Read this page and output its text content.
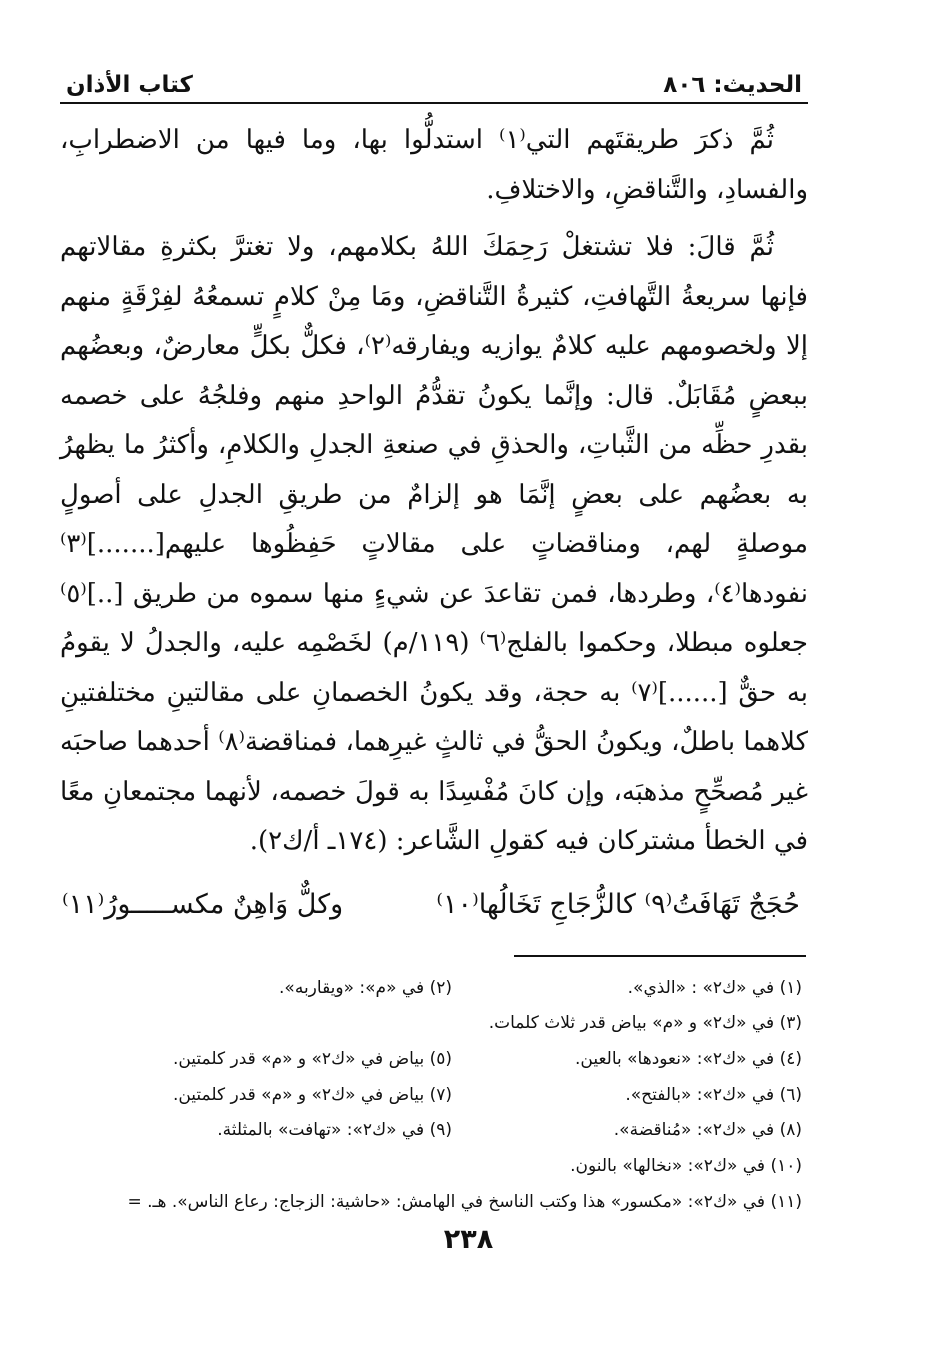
الحديث: ٨٠٦
كتاب الأذان

ثُمَّ ذكرَ طريقتَهم التي⁽١⁾ استدلُّوا بها، وما فيها من الاضطرابِ، والفسادِ، والتَّناقضِ، والاختلافِ.

ثُمَّ قالَ: فلا تشتغلْ رَحِمَكَ اللهُ بكلامهم، ولا تغترَّ بكثرةِ مقالاتهم فإنها سريعةُ التَّهافتِ، كثيرةُ التَّناقضِ، ومَا مِنْ كلامٍ تسمعُهُ لفِرْقَةٍ منهم إلا ولخصومهم عليه كلامٌ يوازيه ويفارقه⁽٢⁾، فكلٌّ بكلٍّ معارضٌ، وبعضُهم ببعضٍ مُقَابَلٌ. قال: وإنَّما يكونُ تقدُّمُ الواحدِ منهم وفلجُهُ على خصمه بقدرِ حظِّه من الثَّباتِ، والحذقِ في صنعةِ الجدلِ والكلامِ، وأكثرُ ما يظهرُ به بعضُهم على بعضٍ إنَّمَا هو إلزامٌ من طريقِ الجدلِ على أصولٍ موصلةٍ لهم، ومناقضاتٍ على مقالاتٍ حَفِظُوها عليهم[.......]⁽٣⁾ نفودها⁽٤⁾، وطردها، فمن تقاعدَ عن شيءٍ منها سموه من طريق [..]⁽٥⁾ جعلوه مبطلا، وحكموا بالفلج⁽٦⁾ (١١٩/م) لخَصْمِه عليه، والجدلُ لا يقومُ به حقٌّ [......]⁽٧⁾ به حجة، وقد يكونُ الخصمانِ على مقالتينِ مختلفتينِ كلاهما باطلٌ، ويكونُ الحقُّ في ثالثٍ غيرِهما، فمناقضة⁽٨⁾ أحدهما صاحبَه غير مُصحِّحٍ مذهبَه، وإن كانَ مُفْسِدًا به قولَ خصمه، لأنهما مجتمعانِ معًا في الخطأ مشتركان فيه كقولِ الشَّاعر: (١٧٤ـ أ/ك٢).

حُجَجٌ تَهَافَتُ⁽٩⁾ كالزُّجَاجِ تَخَالُها⁽١٠⁾
وكلٌّ وَاهِنٌ مكســـــورُ⁽١١⁾
(١) في «ك٢» : «الذي».
(٢) في «م»: «ويقاربه».
(٣) في «ك٢» و «م» بياض قدر ثلاث كلمات.
(٤) في «ك٢»: «نعودها» بالعين.
(٥) بياض في «ك٢» و «م» قدر كلمتين.
(٦) في «ك٢»: «بالفتح».
(٧) بياض في «ك٢» و «م» قدر كلمتين.
(٨) في «ك٢»: «مُناقضة».
(٩) في «ك٢»: «تهافت» بالمثلثة.
(١٠) في «ك٢»: «نخالها» بالنون.
(١١) في «ك٢»: «مكسور» هذا وكتب الناسخ في الهامش: «حاشية: الزجاج: رعاع الناس». هـ. =
٢٣٨
